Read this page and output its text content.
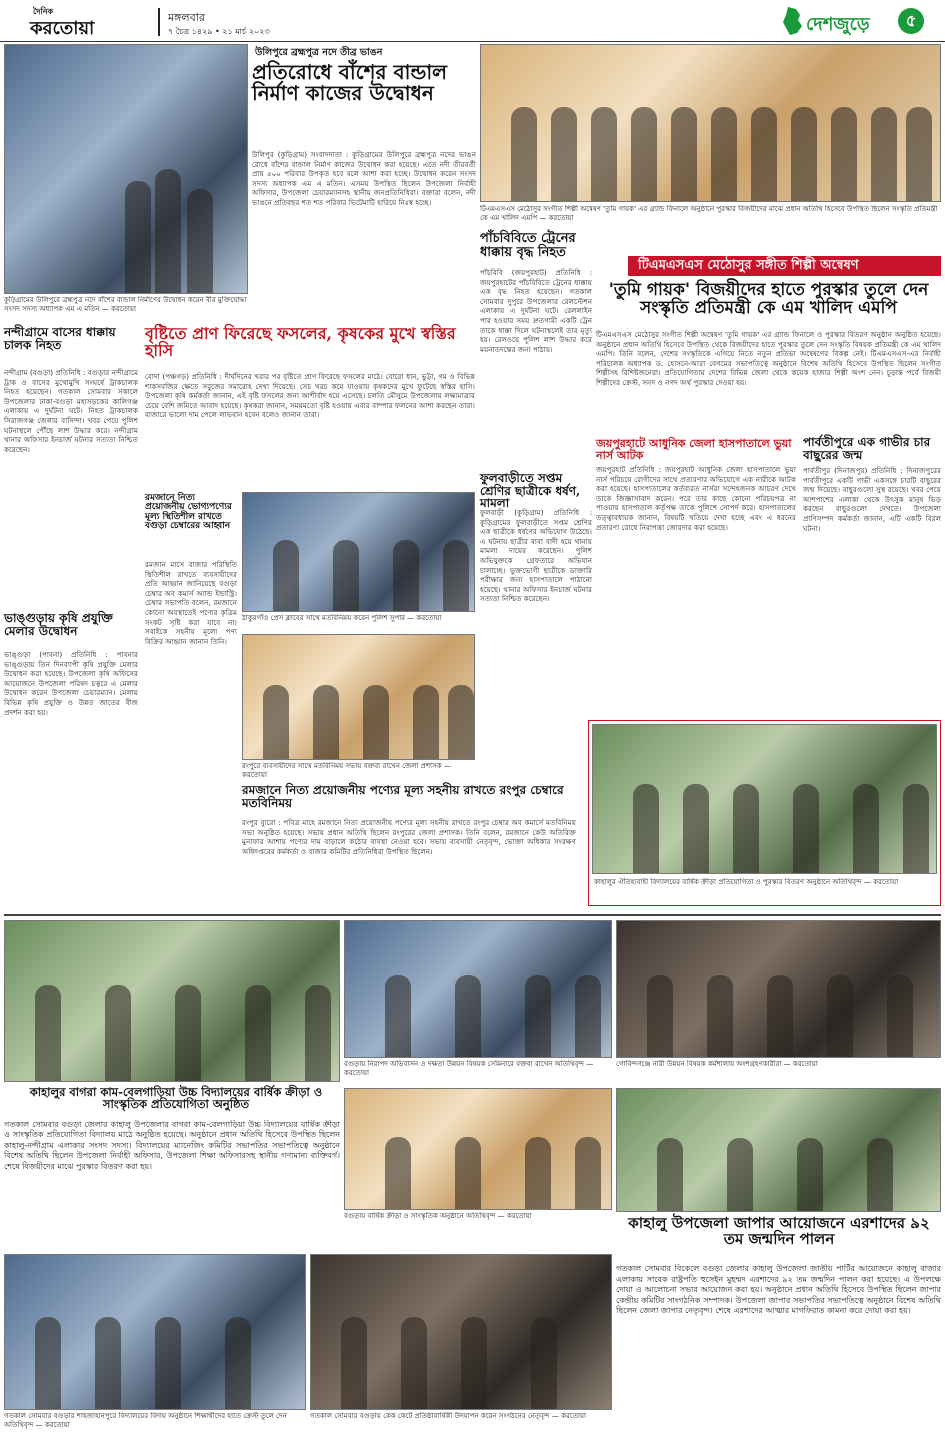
দৈনিক
করতোয়া
মঙ্গলবার
৭ চৈত্র ১৪২৯ • ২১ মার্চ ২০২৩	দেশজুড়ে	৫
উলিপুরে ব্রহ্মপুত্র নদে তীব্র ভাঙন
প্রতিরোধে বাঁশের বান্ডাল নির্মাণ কাজের উদ্বোধন
উলিপুর (কুড়িগ্রাম) সংবাদদাতা : কুড়িগ্রামের উলিপুরে ব্রহ্মপুত্র নদের ভাঙন রোধে বাঁশের বান্ডাল নির্মাণ কাজের উদ্বোধন করা হয়েছে। এতে নদী তীরবর্তী প্রায় ৫০০ পরিবার উপকৃত হবে বলে আশা করা হচ্ছে। উদ্বোধন করেন সংসদ সদস্য অধ্যাপক এম এ মতিন। এসময় উপস্থিত ছিলেন উপজেলা নির্বাহী অফিসার, উপজেলা চেয়ারম্যানসহ স্থানীয় জনপ্রতিনিধিরা। বক্তারা বলেন, নদী ভাঙনে প্রতিবছর শত শত পরিবার ভিটেমাটি হারিয়ে নিঃস্ব হচ্ছে।
কুড়িগ্রামের উলিপুরে ব্রহ্মপুত্র নদে বাঁশের বান্ডাল নির্মাণের উদ্বোধন করেন বীর মুক্তিযোদ্ধা সংসদ সদস্য অধ্যাপক এম এ মতিন — করতোয়া
টিএমএসএস মেঠোসুর সংগীত শিল্পী অন্বেষণ 'তুমি গায়ক' এর গ্র্যান্ড ফিনালে অনুষ্ঠানে পুরস্কার বিজয়ীদের মাঝে প্রধান অতিথি হিসেবে উপস্থিত ছিলেন সংস্কৃতি প্রতিমন্ত্রী কে এম খালিদ এমপি — করতোয়া
টিএমএসএস মেঠোসুর সঙ্গীত শিল্পী অন্বেষণ
'তুমি গায়ক' বিজয়ীদের হাতে পুরস্কার তুলে দেন সংস্কৃতি প্রতিমন্ত্রী কে এম খালিদ এমপি
টিএমএসএস মেঠোসুর সংগীত শিল্পী অন্বেষণ 'তুমি গায়ক' এর গ্র্যান্ড ফিনালে ও পুরস্কার বিতরণ অনুষ্ঠান অনুষ্ঠিত হয়েছে। অনুষ্ঠানে প্রধান অতিথি হিসেবে উপস্থিত থেকে বিজয়ীদের হাতে পুরস্কার তুলে দেন সংস্কৃতি বিষয়ক প্রতিমন্ত্রী কে এম খালিদ এমপি। তিনি বলেন, দেশের সংস্কৃতিকে এগিয়ে নিতে নতুন প্রতিভা অন্বেষণের বিকল্প নেই। টিএমএসএস-এর নির্বাহী পরিচালক অধ্যাপক ড. হোসনে-আরা বেগমের সভাপতিত্বে অনুষ্ঠানে বিশেষ অতিথি হিসেবে উপস্থিত ছিলেন সংগীত শিল্পীসহ বিশিষ্টজনেরা। প্রতিযোগিতায় দেশের বিভিন্ন জেলা থেকে কয়েক হাজার শিল্পী অংশ নেন। চূড়ান্ত পর্বে বিজয়ী শিল্পীদের ক্রেস্ট, সনদ ও নগদ অর্থ পুরস্কার দেওয়া হয়।
পাঁচবিবিতে ট্রেনের ধাক্কায় বৃদ্ধ নিহত
পাঁচবিবি (জয়পুরহাট) প্রতিনিধি : জয়পুরহাটের পাঁচবিবিতে ট্রেনের ধাক্কায় এক বৃদ্ধ নিহত হয়েছেন। গতকাল সোমবার দুপুরে উপজেলার রেলস্টেশন এলাকায় এ দুর্ঘটনা ঘটে। রেললাইন পার হওয়ার সময় দ্রুতগামী একটি ট্রেন তাকে ধাক্কা দিলে ঘটনাস্থলেই তার মৃত্যু হয়। রেলওয়ে পুলিশ লাশ উদ্ধার করে ময়নাতদন্তের জন্য পাঠায়।
ফুলবাড়ীতে সপ্তম শ্রেণির ছাত্রীকে ধর্ষণ, মামলা
ফুলবাড়ী (কুড়িগ্রাম) প্রতিনিধি : কুড়িগ্রামের ফুলবাড়ীতে সপ্তম শ্রেণির এক ছাত্রীকে ধর্ষণের অভিযোগ উঠেছে। এ ঘটনায় ছাত্রীর বাবা বাদী হয়ে থানায় মামলা দায়ের করেছেন। পুলিশ অভিযুক্তকে গ্রেফতারে অভিযান চালাচ্ছে। ভুক্তভোগী ছাত্রীকে ডাক্তারি পরীক্ষার জন্য হাসপাতালে পাঠানো হয়েছে। থানার অফিসার ইনচার্জ ঘটনার সত্যতা নিশ্চিত করেছেন।
জয়পুরহাটে আধুনিক জেলা হাসপাতালে ভুয়া নার্স আটক
জয়পুরহাট প্রতিনিধি : জয়পুরহাট আধুনিক জেলা হাসপাতালে ভুয়া নার্স পরিচয়ে রোগীদের সাথে প্রতারণার অভিযোগে এক নারীকে আটক করা হয়েছে। হাসপাতালের কর্তব্যরত নার্সরা সন্দেহজনক আচরণ দেখে তাকে জিজ্ঞাসাবাদ করেন। পরে তার কাছে কোনো পরিচয়পত্র না পাওয়ায় হাসপাতাল কর্তৃপক্ষ তাকে পুলিশে সোপর্দ করে। হাসপাতালের তত্ত্বাবধায়ক জানান, বিষয়টি খতিয়ে দেখা হচ্ছে এবং এ ধরনের প্রতারণা রোধে নিরাপত্তা জোরদার করা হয়েছে।
পার্বতীপুরে এক গাভীর চার বাছুরের জন্ম
পার্বতীপুর (দিনাজপুর) প্রতিনিধি : দিনাজপুরের পার্বতীপুরে একটি গাভী একসঙ্গে চারটি বাছুরের জন্ম দিয়েছে। বাছুরগুলো সুস্থ রয়েছে। খবর পেয়ে আশপাশের এলাকা থেকে উৎসুক মানুষ ভিড় করছেন বাছুরগুলো দেখতে। উপজেলা প্রাণিসম্পদ কর্মকর্তা জানান, এটি একটি বিরল ঘটনা।
কাহালুর ঐতিহ্যবাহী বিদ্যালয়ের বার্ষিক ক্রীড়া প্রতিযোগিতা ও পুরস্কার বিতরণ অনুষ্ঠানে অতিথিবৃন্দ — করতোয়া
নন্দীগ্রামে বাসের ধাক্কায় চালক নিহত
নন্দীগ্রাম (বগুড়া) প্রতিনিধি : বগুড়ার নন্দীগ্রামে ট্রাক ও বাসের মুখোমুখি সংঘর্ষে ট্রাকচালক নিহত হয়েছেন। গতকাল সোমবার সকালে উপজেলার ঢাকা-বগুড়া মহাসড়কের কালিগঞ্জ এলাকায় এ দুর্ঘটনা ঘটে। নিহত ট্রাকচালক সিরাজগঞ্জ জেলার বাসিন্দা। খবর পেয়ে পুলিশ ঘটনাস্থলে পৌঁছে লাশ উদ্ধার করে। নন্দীগ্রাম থানার অফিসার ইনচার্জ ঘটনার সত্যতা নিশ্চিত করেছেন।
ভাঙ্গুড়ায় কৃষি প্রযুক্তি মেলার উদ্বোধন
ভাঙ্গুড়া (পাবনা) প্রতিনিধি : পাবনার ভাঙ্গুড়ায় তিন দিনব্যাপী কৃষি প্রযুক্তি মেলার উদ্বোধন করা হয়েছে। উপজেলা কৃষি অফিসের আয়োজনে উপজেলা পরিষদ চত্বরে এ মেলার উদ্বোধন করেন উপজেলা চেয়ারম্যান। মেলায় বিভিন্ন কৃষি প্রযুক্তি ও উন্নত জাতের বীজ প্রদর্শন করা হয়।
বৃষ্টিতে প্রাণ ফিরেছে ফসলের, কৃষকের মুখে স্বস্তির হাসি
বোদা (পঞ্চগড়) প্রতিনিধি : দীর্ঘদিনের খরার পর বৃষ্টিতে প্রাণ ফিরেছে ফসলের মাঠে। বোরো ধান, ভুট্টা, গম ও বিভিন্ন শাকসবজির ক্ষেতে সবুজের সমারোহ দেখা দিয়েছে। সেচ খরচ কমে যাওয়ায় কৃষকদের মুখে ফুটেছে স্বস্তির হাসি। উপজেলা কৃষি কর্মকর্তা জানান, এই বৃষ্টি ফসলের জন্য আশীর্বাদ হয়ে এসেছে। চলতি মৌসুমে উপজেলায় লক্ষ্যমাত্রার চেয়ে বেশি জমিতে আবাদ হয়েছে। কৃষকরা জানান, সময়মতো বৃষ্টি হওয়ায় এবার বাম্পার ফলনের আশা করছেন তারা। বাজারে ভালো দাম পেলে লাভবান হবেন বলেও জানান তারা।
রমজানে নিত্য প্রয়োজনীয় ভোগ্যপণ্যের মূল্য স্থিতিশীল রাখতে বগুড়া চেম্বারের আহ্বান
রমজান মাসে বাজার পরিস্থিতি স্থিতিশীল রাখতে ব্যবসায়ীদের প্রতি আহ্বান জানিয়েছে বগুড়া চেম্বার অব কমার্স অ্যান্ড ইন্ডাস্ট্রি। চেম্বার সভাপতি বলেন, রমজানে কোনো অবস্থাতেই পণ্যের কৃত্রিম সংকট সৃষ্টি করা যাবে না। সবাইকে সহনীয় মূল্যে পণ্য বিক্রির আহ্বান জানান তিনি।
ঠাকুরগাঁও প্রেস ক্লাবের সাথে মতবিনিময় করেন পুলিশ সুপার — করতোয়া
রংপুরে ব্যবসায়ীদের সাথে মতবিনিময় সভায় বক্তব্য রাখেন জেলা প্রশাসক — করতোয়া
রমজানে নিত্য প্রয়োজনীয় পণ্যের মূল্য সহনীয় রাখতে রংপুর চেম্বারে মতবিনিময়
রংপুর ব্যুরো : পবিত্র মাহে রমজানে নিত্য প্রয়োজনীয় পণ্যের মূল্য সহনীয় রাখতে রংপুর চেম্বার অব কমার্সে মতবিনিময় সভা অনুষ্ঠিত হয়েছে। সভায় প্রধান অতিথি ছিলেন রংপুরের জেলা প্রশাসক। তিনি বলেন, রমজানে কেউ অতিরিক্ত মুনাফার আশায় পণ্যের দাম বাড়ালে কঠোর ব্যবস্থা নেওয়া হবে। সভায় ব্যবসায়ী নেতৃবৃন্দ, ভোক্তা অধিকার সংরক্ষণ অধিদপ্তরের কর্মকর্তা ও বাজার কমিটির প্রতিনিধিরা উপস্থিত ছিলেন।
কাহালুর বাগরা কাম-বেলগাড়িয়া উচ্চ বিদ্যালয়ের বার্ষিক ক্রীড়া ও সাংস্কৃতিক প্রতিযোগিতা অনুষ্ঠিত
গতকাল সোমবার বগুড়া জেলার কাহালু উপজেলার বাগরা কাম-বেলগাড়িয়া উচ্চ বিদ্যালয়ের বার্ষিক ক্রীড়া ও সাংস্কৃতিক প্রতিযোগিতা বিদ্যালয় মাঠে অনুষ্ঠিত হয়েছে। অনুষ্ঠানে প্রধান অতিথি হিসেবে উপস্থিত ছিলেন কাহালু-নন্দীগ্রাম এলাকার সংসদ সদস্য। বিদ্যালয়ের ম্যানেজিং কমিটির সভাপতির সভাপতিত্বে অনুষ্ঠানে বিশেষ অতিথি ছিলেন উপজেলা নির্বাহী অফিসার, উপজেলা শিক্ষা অফিসারসহ স্থানীয় গণ্যমান্য ব্যক্তিবর্গ। শেষে বিজয়ীদের মাঝে পুরস্কার বিতরণ করা হয়।
বগুড়ায় নিরাপদ অভিবাসন ও দক্ষতা উন্নয়ন বিষয়ক সেমিনারে বক্তব্য রাখেন অতিথিবৃন্দ — করতোয়া
গোবিন্দগঞ্জে নারী উন্নয়ন বিষয়ক কর্মশালায় অংশগ্রহণকারীরা — করতোয়া
বগুড়ায় বার্ষিক ক্রীড়া ও সাংস্কৃতিক অনুষ্ঠানে অতিথিবৃন্দ — করতোয়া	কাহালু উপজেলা জাপার আয়োজনে এরশাদের ৯২ তম জন্মদিন পালন
গতকাল সোমবার বিকেলে বগুড়া জেলার কাহালু উপজেলা জাতীয় পার্টির আয়োজনে কাহালু বাজার এলাকায় সাবেক রাষ্ট্রপতি হুসেইন মুহম্মদ এরশাদের ৯২ তম জন্মদিন পালন করা হয়েছে। এ উপলক্ষে দোয়া ও আলোচনা সভার আয়োজন করা হয়। অনুষ্ঠানে প্রধান অতিথি হিসেবে উপস্থিত ছিলেন জাপার কেন্দ্রীয় কমিটির সাংগঠনিক সম্পাদক। উপজেলা জাপার সভাপতির সভাপতিত্বে অনুষ্ঠানে বিশেষ অতিথি ছিলেন জেলা জাপার নেতৃবৃন্দ। শেষে এরশাদের আত্মার মাগফিরাত কামনা করে দোয়া করা হয়।
গতকাল সোমবার বগুড়ার শাহজাহানপুরে বিদ্যালয়ের বিদায় অনুষ্ঠানে শিক্ষার্থীদের হাতে ক্রেস্ট তুলে দেন অতিথিবৃন্দ — করতোয়া
গতকাল সোমবার বগুড়ায় কেক কেটে প্রতিষ্ঠাবার্ষিকী উদযাপন করেন সংগঠনের নেতৃবৃন্দ — করতোয়া
